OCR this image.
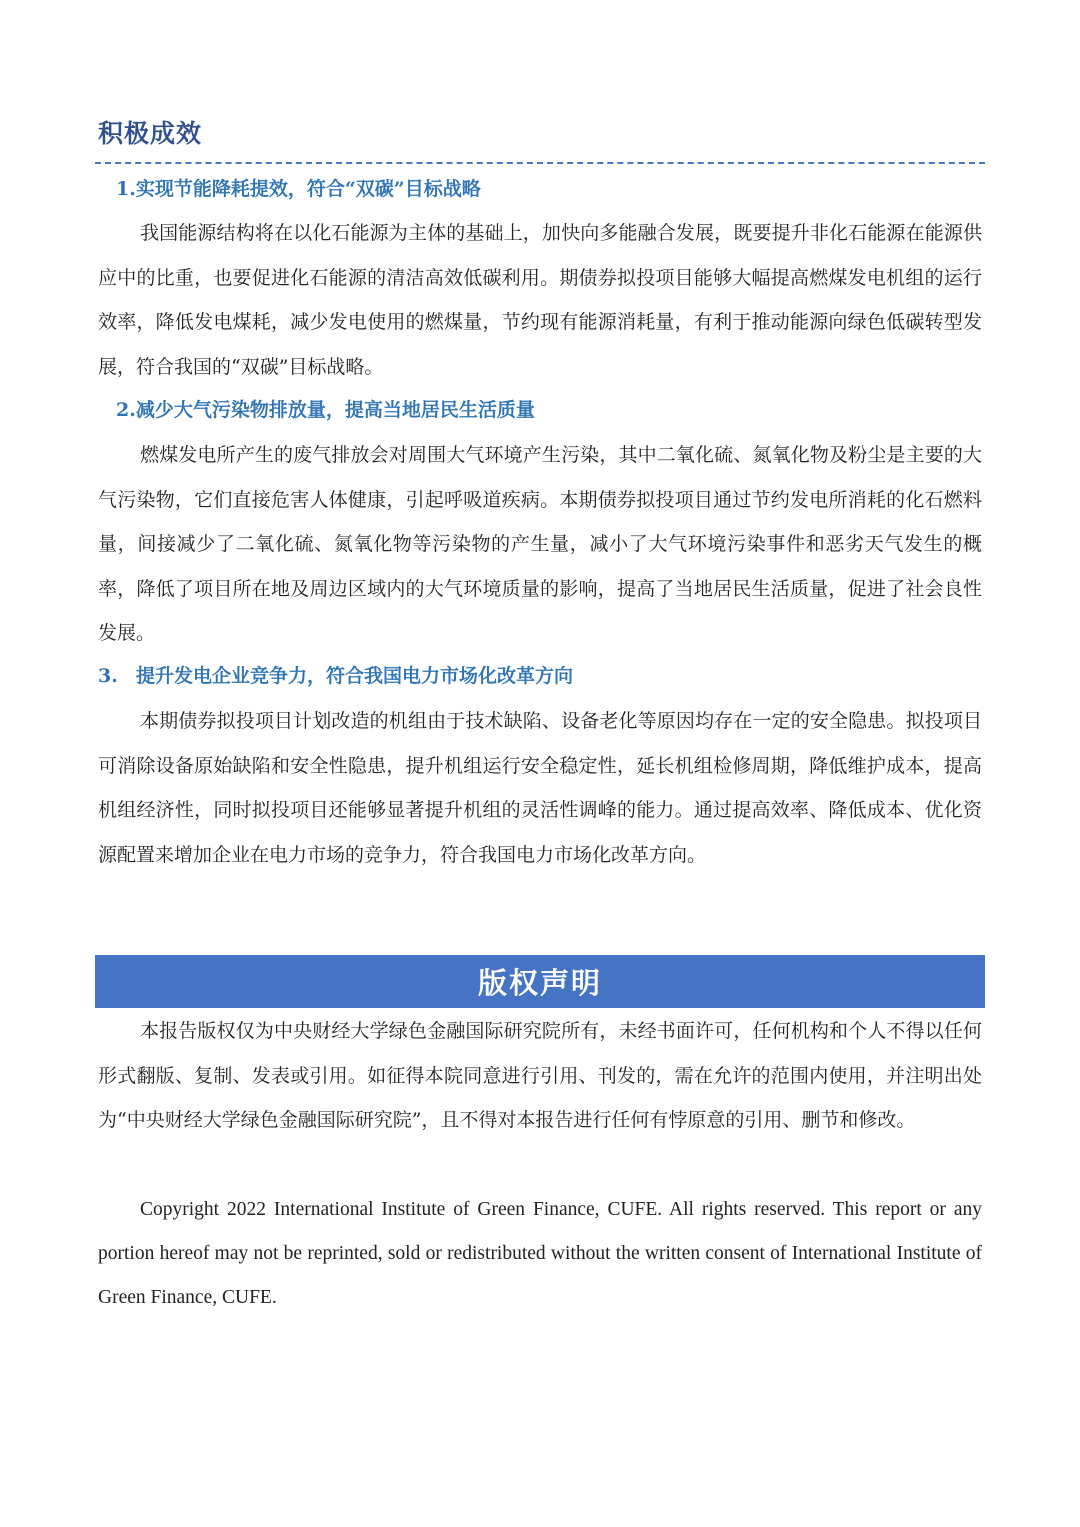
积极成效
1.实现节能降耗提效，符合“双碳”目标战略

我国能源结构将在以化石能源为主体的基础上，加快向多能融合发展，既要提升非化石能源在能源供应中的比重，也要促进化石能源的清洁高效低碳利用。期债券拟投项目能够大幅提高燃煤发电机组的运行效率，降低发电煤耗，减少发电使用的燃煤量，节约现有能源消耗量，有利于推动能源向绿色低碳转型发展，符合我国的“双碳”目标战略。

2.减少大气污染物排放量，提高当地居民生活质量

燃煤发电所产生的废气排放会对周围大气环境产生污染，其中二氧化硫、氮氧化物及粉尘是主要的大气污染物，它们直接危害人体健康，引起呼吸道疾病。本期债券拟投项目通过节约发电所消耗的化石燃料量，间接减少了二氧化硫、氮氧化物等污染物的产生量，减小了大气环境污染事件和恶劣天气发生的概率，降低了项目所在地及周边区域内的大气环境质量的影响，提高了当地居民生活质量，促进了社会良性发展。

3. 提升发电企业竞争力，符合我国电力市场化改革方向

本期债券拟投项目计划改造的机组由于技术缺陷、设备老化等原因均存在一定的安全隐患。拟投项目可消除设备原始缺陷和安全性隐患，提升机组运行安全稳定性，延长机组检修周期，降低维护成本，提高机组经济性，同时拟投项目还能够显著提升机组的灵活性调峰的能力。通过提高效率、降低成本、优化资源配置来增加企业在电力市场的竞争力，符合我国电力市场化改革方向。

版权声明

本报告版权仅为中央财经大学绿色金融国际研究院所有，未经书面许可，任何机构和个人不得以任何形式翻版、复制、发表或引用。如征得本院同意进行引用、刊发的，需在允许的范围内使用，并注明出处为“中央财经大学绿色金融国际研究院”，且不得对本报告进行任何有悖原意的引用、删节和修改。

Copyright 2022 International Institute of Green Finance, CUFE. All rights reserved. This report or any portion hereof may not be reprinted, sold or redistributed without the written consent of International Institute of Green Finance, CUFE.
